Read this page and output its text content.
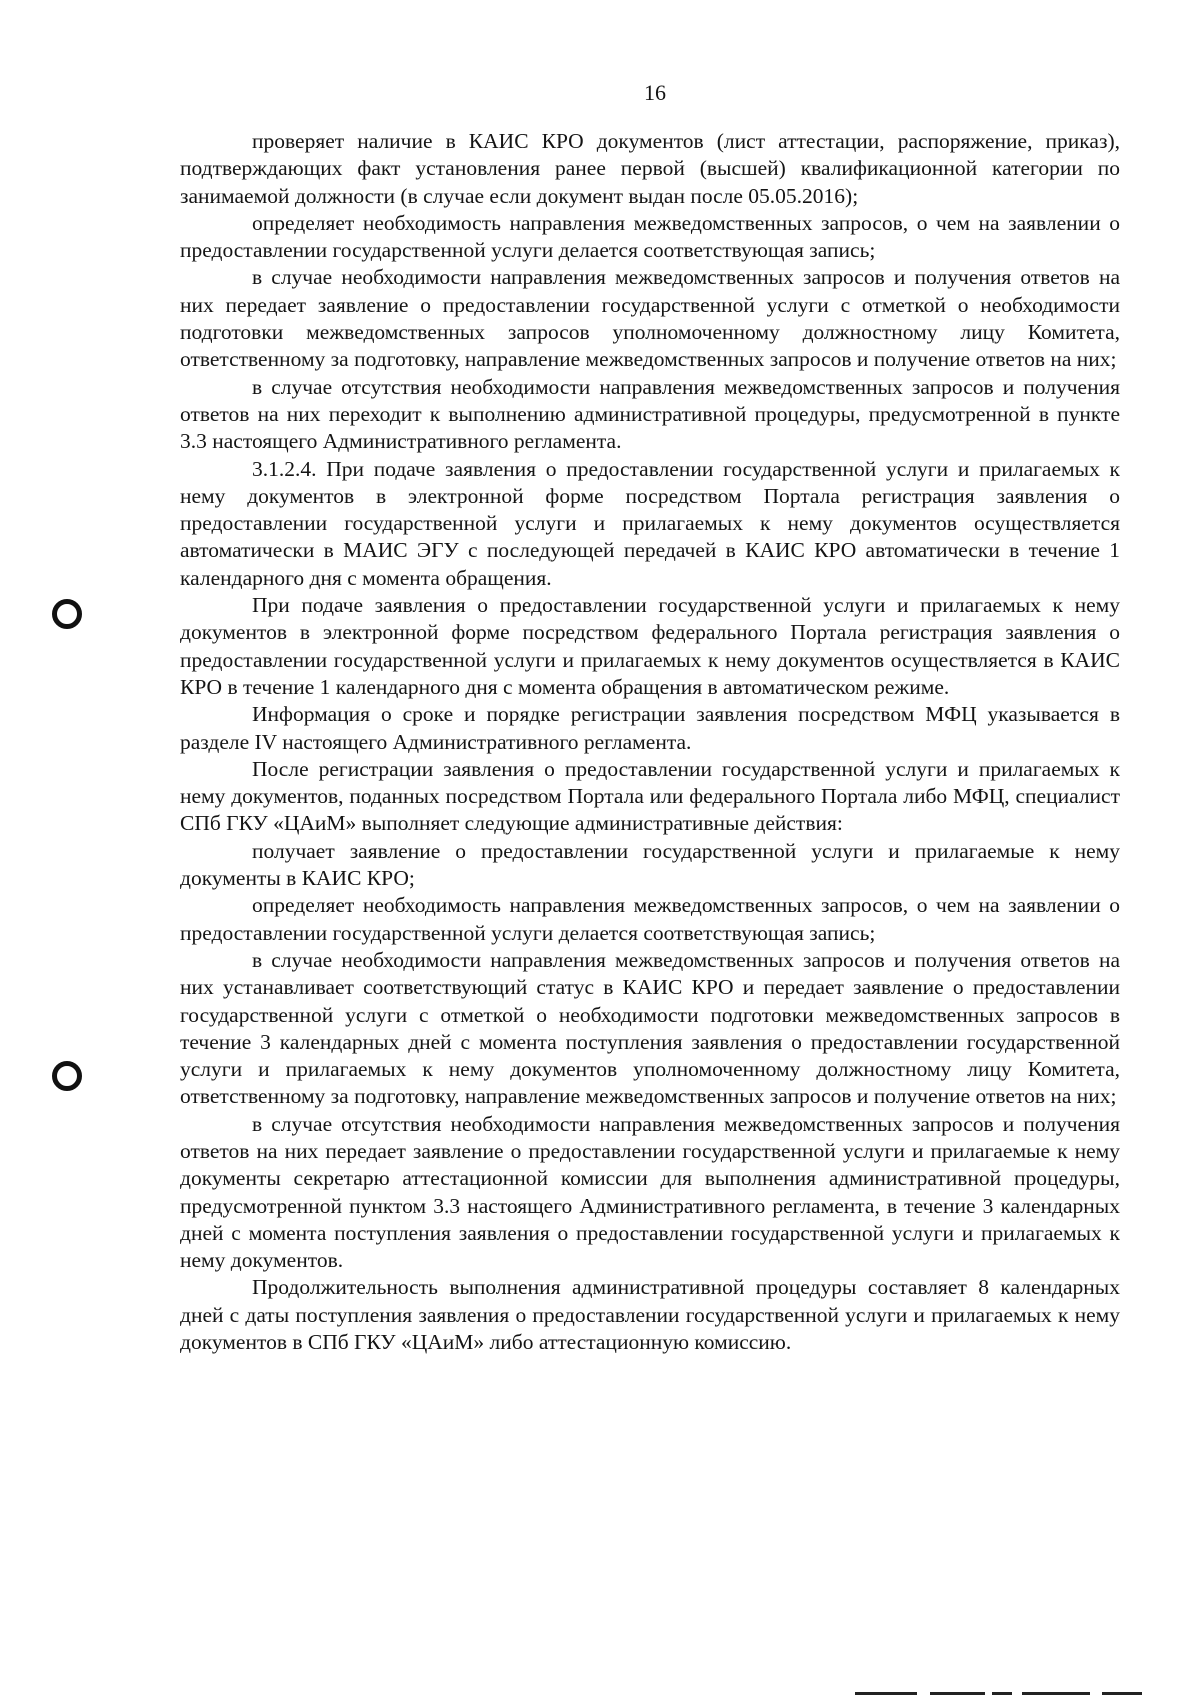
16

проверяет наличие в КАИС КРО документов (лист аттестации, распоряжение, приказ), подтверждающих факт установления ранее первой (высшей) квалификационной категории по занимаемой должности (в случае если документ выдан после 05.05.2016);

определяет необходимость направления межведомственных запросов, о чем на заявлении о предоставлении государственной услуги делается соответствующая запись;

в случае необходимости направления межведомственных запросов и получения ответов на них передает заявление о предоставлении государственной услуги с отметкой о необходимости подготовки межведомственных запросов уполномоченному должностному лицу Комитета, ответственному за подготовку, направление межведомственных запросов и получение ответов на них;

в случае отсутствия необходимости направления межведомственных запросов и получения ответов на них переходит к выполнению административной процедуры, предусмотренной в пункте 3.3 настоящего Административного регламента.

3.1.2.4. При подаче заявления о предоставлении государственной услуги и прилагаемых к нему документов в электронной форме посредством Портала регистрация заявления о предоставлении государственной услуги и прилагаемых к нему документов осуществляется автоматически в МАИС ЭГУ с последующей передачей в КАИС КРО автоматически в течение 1 календарного дня с момента обращения.

При подаче заявления о предоставлении государственной услуги и прилагаемых к нему документов в электронной форме посредством федерального Портала регистрация заявления о предоставлении государственной услуги и прилагаемых к нему документов осуществляется в КАИС КРО в течение 1 календарного дня с момента обращения в автоматическом режиме.

Информация о сроке и порядке регистрации заявления посредством МФЦ указывается в разделе IV настоящего Административного регламента.

После регистрации заявления о предоставлении государственной услуги и прилагаемых к нему документов, поданных посредством Портала или федерального Портала либо МФЦ, специалист СПб ГКУ «ЦАиМ» выполняет следующие административные действия:

получает заявление о предоставлении государственной услуги и прилагаемые к нему документы в КАИС КРО;

определяет необходимость направления межведомственных запросов, о чем на заявлении о предоставлении государственной услуги делается соответствующая запись;

в случае необходимости направления межведомственных запросов и получения ответов на них устанавливает соответствующий статус в КАИС КРО и передает заявление о предоставлении государственной услуги с отметкой о необходимости подготовки межведомственных запросов в течение 3 календарных дней с момента поступления заявления о предоставлении государственной услуги и прилагаемых к нему документов уполномоченному должностному лицу Комитета, ответственному за подготовку, направление межведомственных запросов и получение ответов на них;

в случае отсутствия необходимости направления межведомственных запросов и получения ответов на них передает заявление о предоставлении государственной услуги и прилагаемые к нему документы секретарю аттестационной комиссии для выполнения административной процедуры, предусмотренной пунктом 3.3 настоящего Административного регламента, в течение 3 календарных дней с момента поступления заявления о предоставлении государственной услуги и прилагаемых к нему документов.

Продолжительность выполнения административной процедуры составляет 8 календарных дней с даты поступления заявления о предоставлении государственной услуги и прилагаемых к нему документов в СПб ГКУ «ЦАиМ» либо аттестационную комиссию.
